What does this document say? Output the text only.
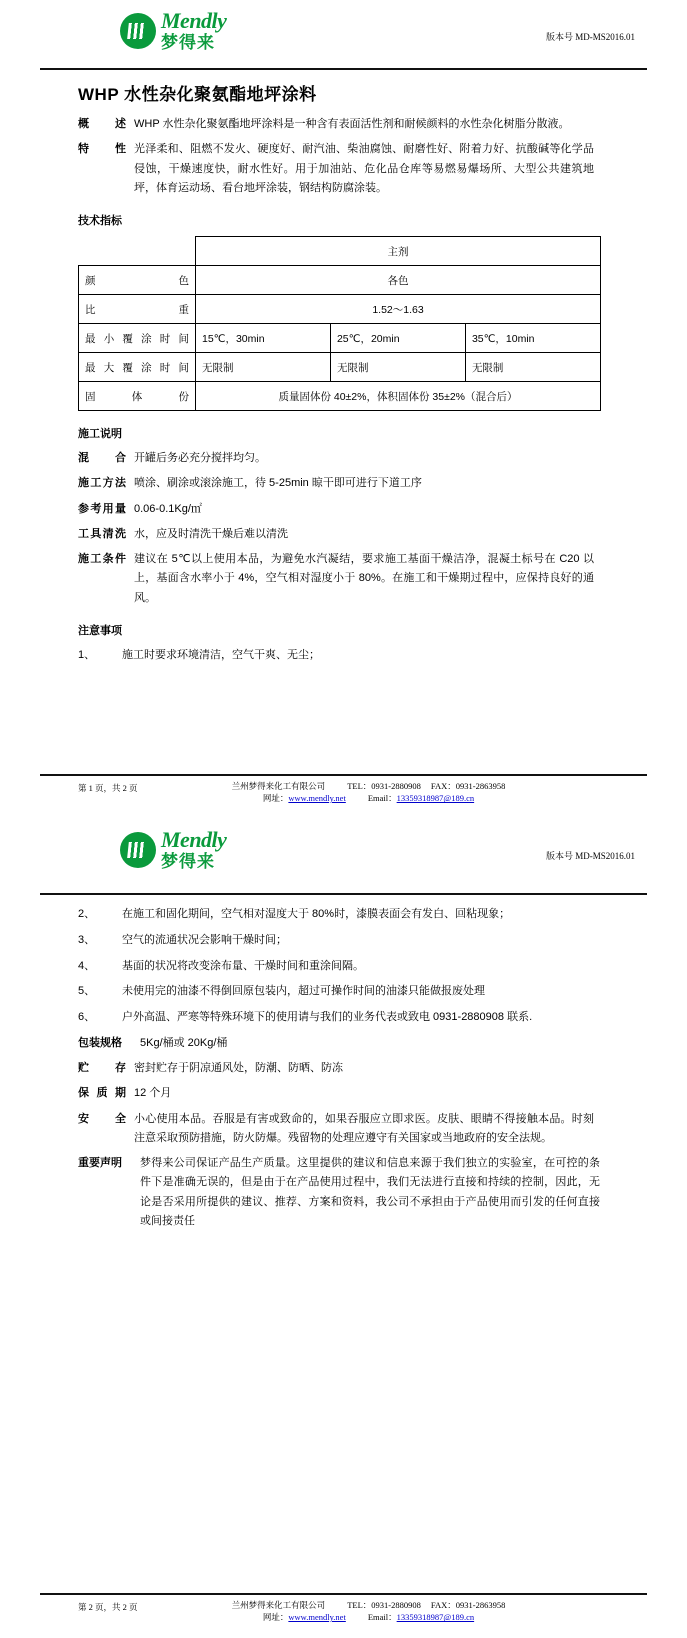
Mendly
梦得来	版本号 MD-MS2016.01
WHP 水性杂化聚氨酯地坪涂料
概述 WHP 水性杂化聚氨酯地坪涂料是一种含有表面活性剂和耐候颜料的水性杂化树脂分散液。
特性 光泽柔和、阻燃不发火、硬度好、耐汽油、柴油腐蚀、耐磨性好、附着力好、抗酸碱等化学品侵蚀，干燥速度快，耐水性好。用于加油站、危化品仓库等易燃易爆场所、大型公共建筑地坪，体育运动场、看台地坪涂装，钢结构防腐涂装。
技术指标
	主剂		
颜　色	各色		
比　重	1.52～1.63		
最小覆涂时间	15℃，30min	25℃，20min	35℃，10min
最大覆涂时间	无限制	无限制	无限制
固体份	质量固体份 40±2%，体积固体份 35±2%（混合后）		
施工说明
混　合 开罐后务必充分搅拌均匀。
施工方法 喷涂、刷涂或滚涂施工，待 5-25min 晾干即可进行下道工序
参考用量 0.06-0.1Kg/㎡
工具清洗 水，应及时清洗干燥后难以清洗
施工条件 建议在 5℃以上使用本品，为避免水汽凝结，要求施工基面干燥洁净，混凝土标号在 C20 以上，基面含水率小于 4%，空气相对湿度小于 80%。在施工和干燥期过程中，应保持良好的通风。
注意事项
1、	施工时要求环境清洁，空气干爽、无尘；
第 1 页，共 2 页	兰州梦得来化工有限公司	TEL：0931-2880908 FAX：0931-2863958
网址：www.mendly.net	Email：13359318987@189.cn
Mendly
梦得来	版本号 MD-MS2016.01
2、	在施工和固化期间，空气相对湿度大于 80%时，漆膜表面会有发白、回粘现象；
3、	空气的流通状况会影响干燥时间；
4、	基面的状况将改变涂布量、干燥时间和重涂间隔。
5、	未使用完的油漆不得倒回原包装内，超过可操作时间的油漆只能做报废处理
6、	户外高温、严寒等特殊环境下的使用请与我们的业务代表或致电 0931-2880908 联系.
包装规格	5Kg/桶或 20Kg/桶
贮　存 密封贮存于阴凉通风处，防潮、防晒、防冻
保 质 期 12 个月
安　全 小心使用本品。吞服是有害或致命的，如果吞服应立即求医。皮肤、眼睛不得接触本品。时刻注意采取预防措施，防火防爆。残留物的处理应遵守有关国家或当地政府的安全法规。
重要声明	梦得来公司保证产品生产质量。这里提供的建议和信息来源于我们独立的实验室，在可控的条件下是准确无误的，但是由于在产品使用过程中，我们无法进行直接和持续的控制，因此，无论是否采用所提供的建议、推荐、方案和资料，我公司不承担由于产品使用而引发的任何直接或间接责任
第 2 页，共 2 页	兰州梦得来化工有限公司	TEL：0931-2880908 FAX：0931-2863958
网址：www.mendly.net	Email：13359318987@189.cn
